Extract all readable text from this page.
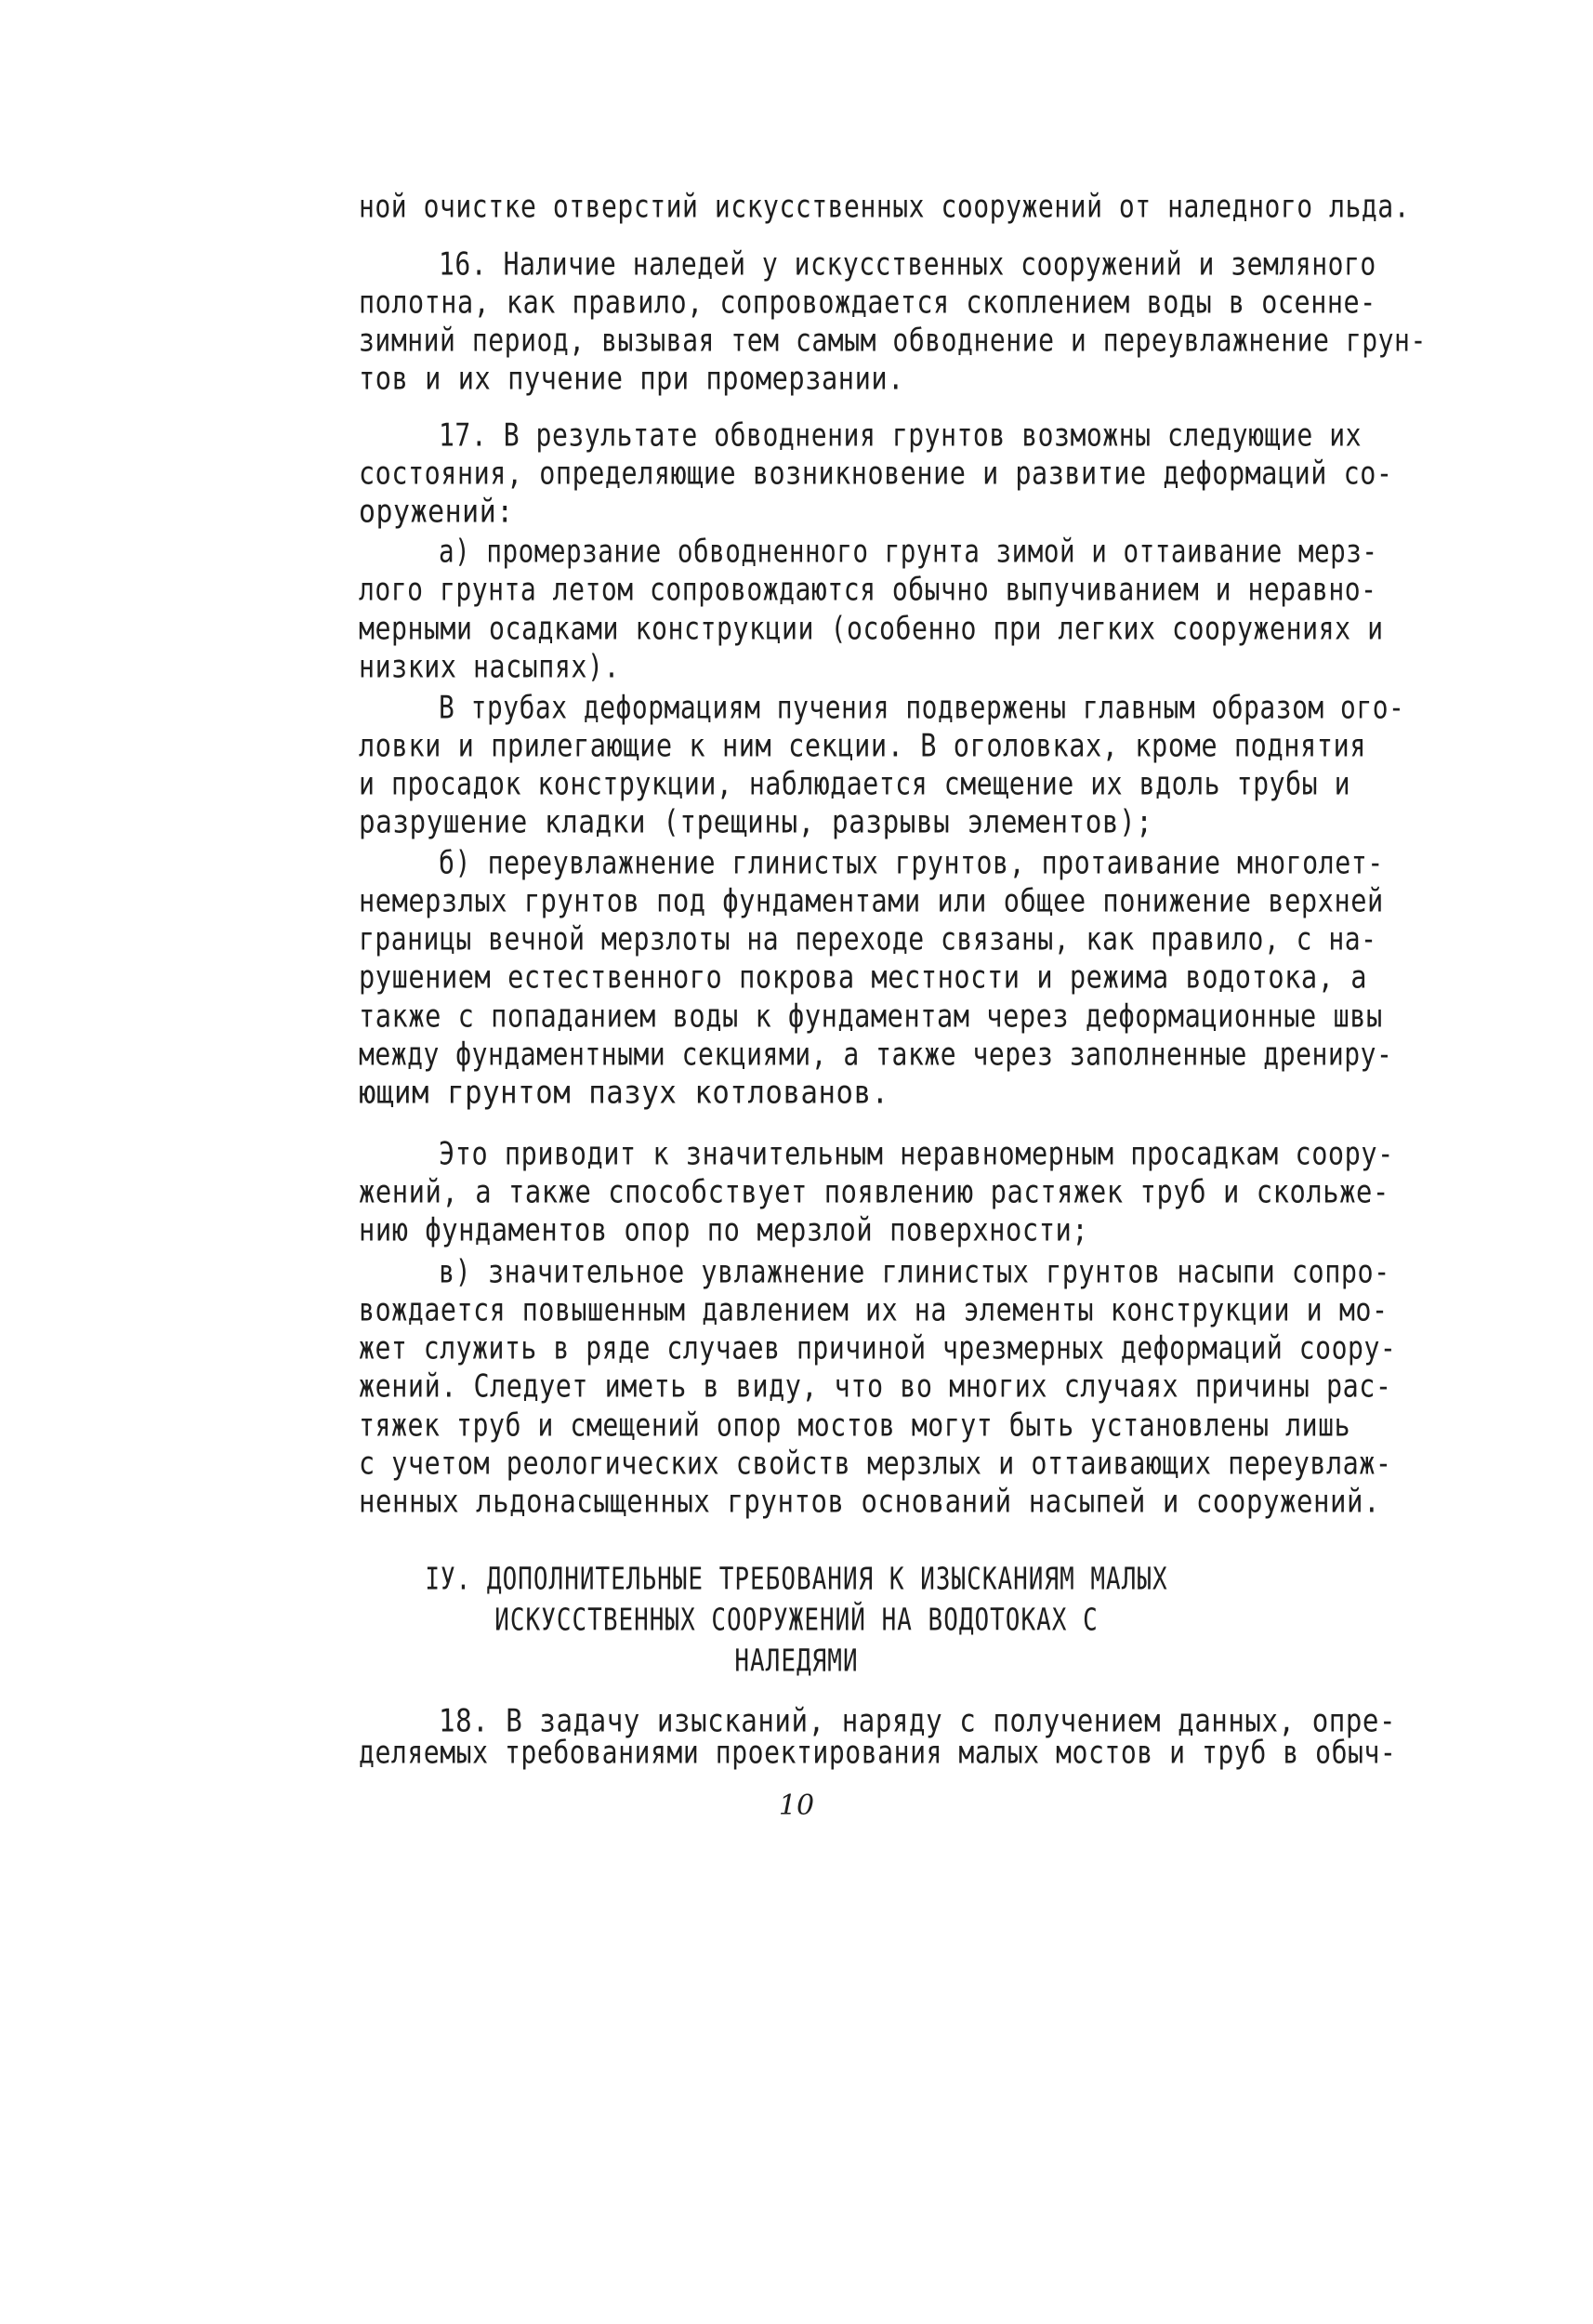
ной очистке отверстий искусственных сооружений от наледного льда.
16. Наличие наледей у искусственных сооружений и земляного
полотна, как правило, сопровождается скоплением воды в осенне-
зимний период, вызывая тем самым обводнение и переувлажнение грун-
тов и их пучение при промерзании.
17. В результате обводнения грунтов возможны следующие их
состояния, определяющие возникновение и развитие деформаций со-
оружений:
а) промерзание обводненного грунта зимой и оттаивание мерз-
лого грунта летом сопровождаются обычно выпучиванием и неравно-
мерными осадками конструкции (особенно при легких сооружениях и
низких насыпях).
В трубах деформациям пучения подвержены главным образом ого-
ловки и прилегающие к ним секции. В оголовках, кроме поднятия
и просадок конструкции, наблюдается смещение их вдоль трубы и
разрушение кладки (трещины, разрывы элементов);
б) переувлажнение глинистых грунтов, протаивание многолет-
немерзлых грунтов под фундаментами или общее понижение верхней
границы вечной мерзлоты на переходе связаны, как правило, с на-
рушением естественного покрова местности и режима водотока, а
также с попаданием воды к фундаментам через деформационные швы
между фундаментными секциями, а также через заполненные дрениру-
ющим грунтом пазух котлованов.
Это приводит к значительным неравномерным просадкам соору-
жений, а также способствует появлению растяжек труб и скольже-
нию фундаментов опор по мерзлой поверхности;
в) значительное увлажнение глинистых грунтов насыпи сопро-
вождается повышенным давлением их на элементы конструкции и мо-
жет служить в ряде случаев причиной чрезмерных деформаций соору-
жений. Следует иметь в виду, что во многих случаях причины рас-
тяжек труб и смещений опор мостов могут быть установлены лишь
с учетом реологических свойств мерзлых и оттаивающих переувлаж-
ненных льдонасыщенных грунтов оснований насыпей и сооружений.
IУ. ДОПОЛНИТЕЛЬНЫЕ ТРЕБОВАНИЯ К ИЗЫСКАНИЯМ МАЛЫХ
ИСКУССТВЕННЫХ СООРУЖЕНИЙ НА ВОДОТОКАХ С
НАЛЕДЯМИ
18. В задачу изысканий, наряду с получением данных, опре-
деляемых требованиями проектирования малых мостов и труб в обыч-
10
